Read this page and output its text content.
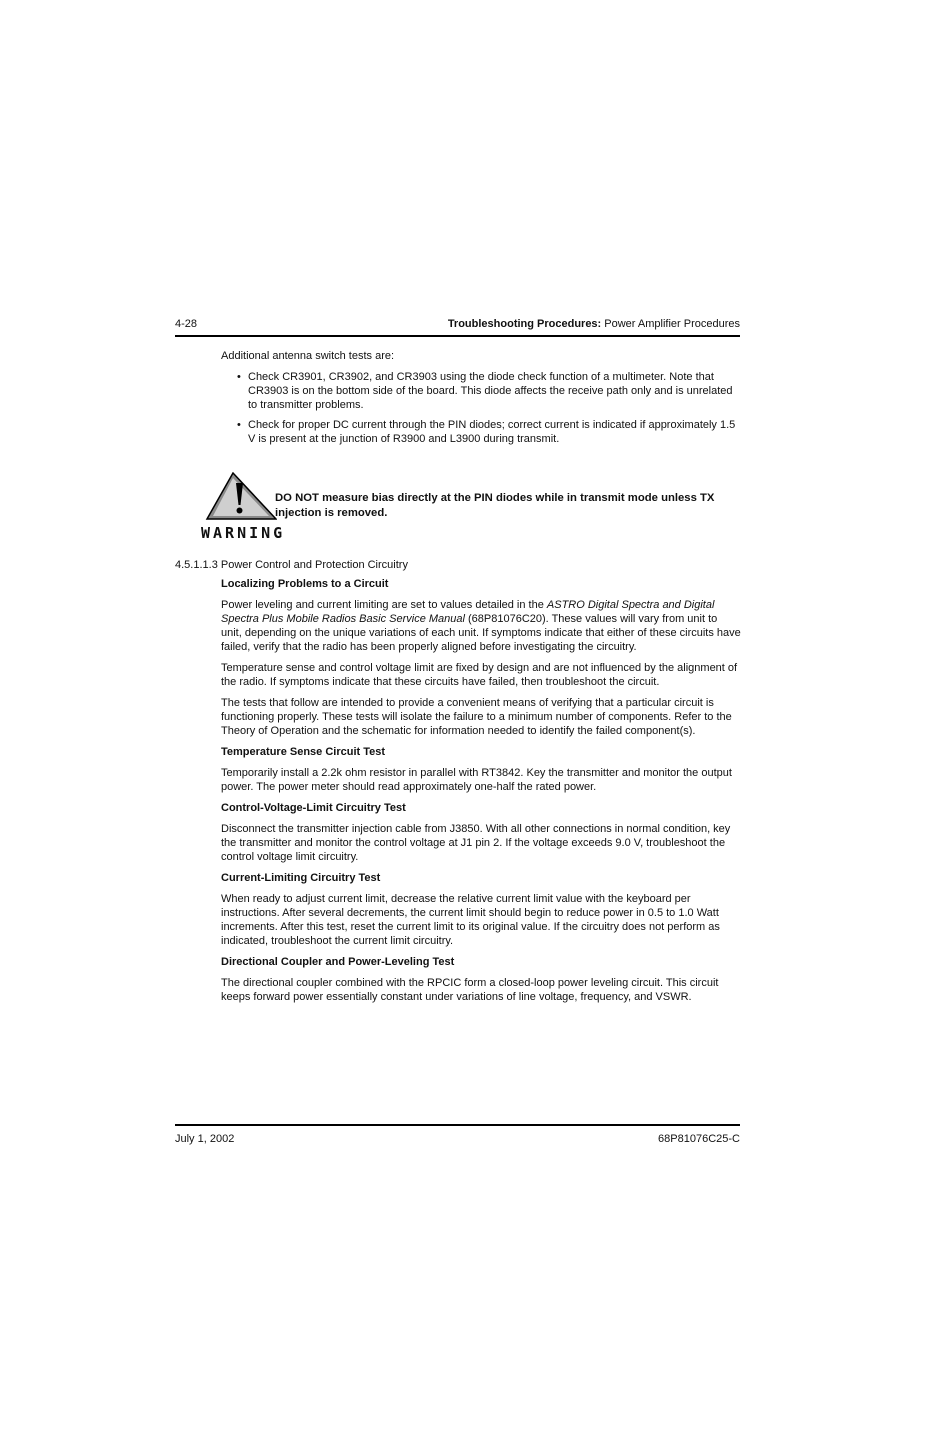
4-28	Troubleshooting Procedures: Power Amplifier Procedures

Additional antenna switch tests are:

• Check CR3901, CR3902, and CR3903 using the diode check function of a multimeter. Note that CR3903 is on the bottom side of the board. This diode affects the receive path only and is unrelated to transmitter problems.
• Check for proper DC current through the PIN diodes; correct current is indicated if approximately 1.5 V is present at the junction of R3900 and L3900 during transmit.
WARNING
DO NOT measure bias directly at the PIN diodes while in transmit mode unless TX injection is removed.
4.5.1.1.3 Power Control and Protection Circuitry

Localizing Problems to a Circuit

Power leveling and current limiting are set to values detailed in the ASTRO Digital Spectra and Digital Spectra Plus Mobile Radios Basic Service Manual (68P81076C20). These values will vary from unit to unit, depending on the unique variations of each unit. If symptoms indicate that either of these circuits have failed, verify that the radio has been properly aligned before investigating the circuitry.

Temperature sense and control voltage limit are fixed by design and are not influenced by the alignment of the radio. If symptoms indicate that these circuits have failed, then troubleshoot the circuit.

The tests that follow are intended to provide a convenient means of verifying that a particular circuit is functioning properly. These tests will isolate the failure to a minimum number of components. Refer to the Theory of Operation and the schematic for information needed to identify the failed component(s).

Temperature Sense Circuit Test

Temporarily install a 2.2k ohm resistor in parallel with RT3842. Key the transmitter and monitor the output power. The power meter should read approximately one-half the rated power.

Control-Voltage-Limit Circuitry Test

Disconnect the transmitter injection cable from J3850. With all other connections in normal condition, key the transmitter and monitor the control voltage at J1 pin 2. If the voltage exceeds 9.0 V, troubleshoot the control voltage limit circuitry.

Current-Limiting Circuitry Test

When ready to adjust current limit, decrease the relative current limit value with the keyboard per instructions. After several decrements, the current limit should begin to reduce power in 0.5 to 1.0 Watt increments. After this test, reset the current limit to its original value. If the circuitry does not perform as indicated, troubleshoot the current limit circuitry.

Directional Coupler and Power-Leveling Test

The directional coupler combined with the RPCIC form a closed-loop power leveling circuit. This circuit keeps forward power essentially constant under variations of line voltage, frequency, and VSWR.

July 1, 2002	68P81076C25-C
